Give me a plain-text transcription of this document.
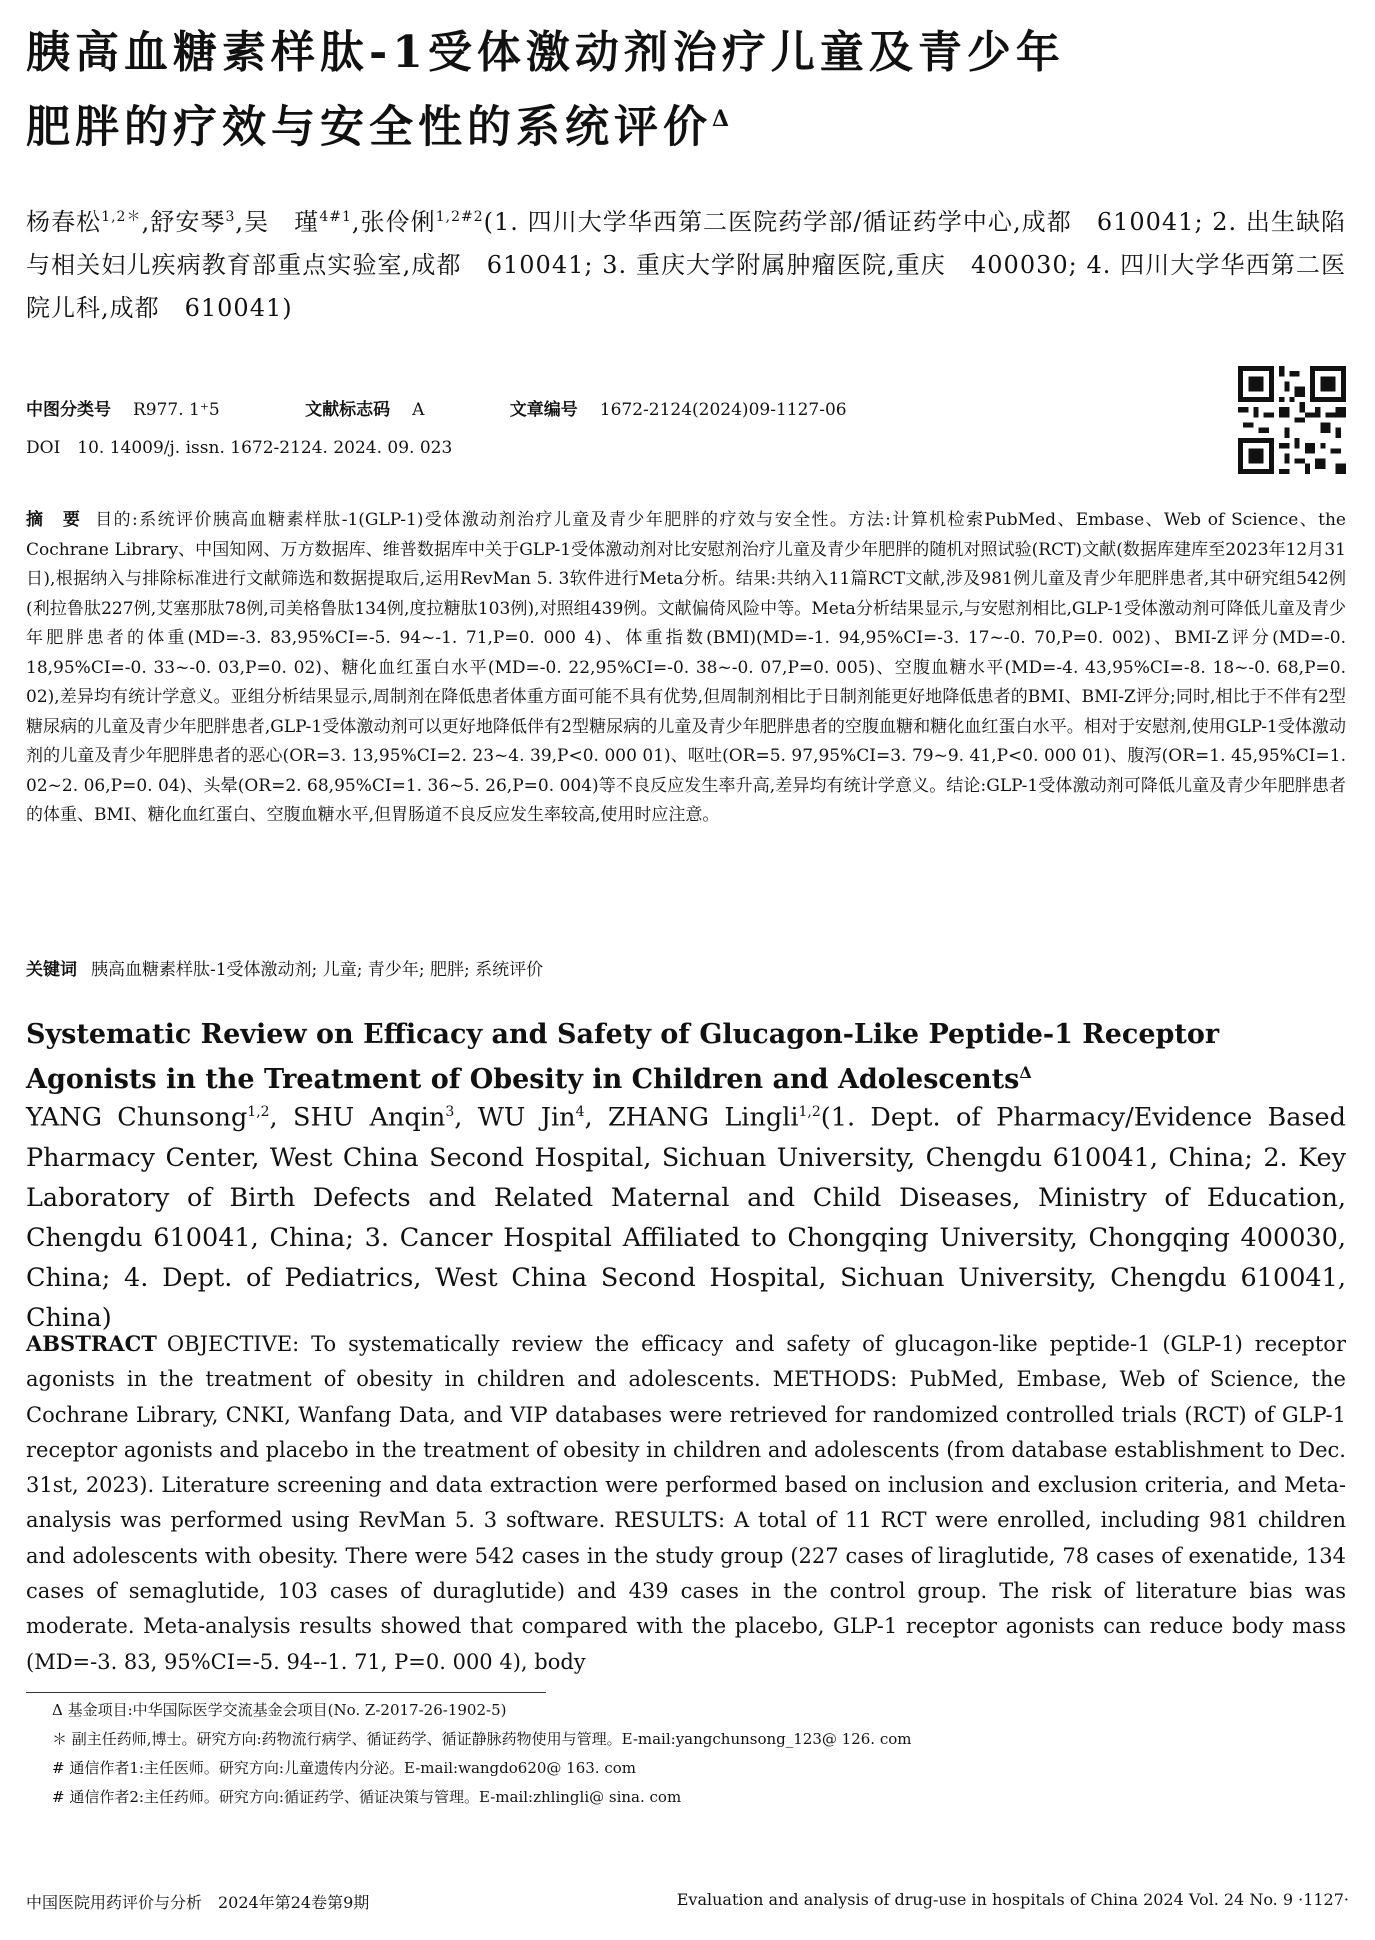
胰高血糖素样肽-1受体激动剂治疗儿童及青少年
肥胖的疗效与安全性的系统评价$^\Delta$
杨春松$^{1,2*}$,舒安琴$^3$,吴　瑾$^{4\#1}$,张伶俐$^{1,2\#2}$(1. 四川大学华西第二医院药学部/循证药学中心,成都　610041; 2. 出生缺陷与相关妇儿疾病教育部重点实验室,成都　610041; 3. 重庆大学附属肿瘤医院,重庆　400030; 4. 四川大学华西第二医院儿科,成都　610041)
中图分类号 R977. 1⁺5	文献标志码 A	文章编号 1672-2124(2024)09-1127-06
DOI　10. 14009/j. issn. 1672-2124. 2024. 09. 023
摘　要 目的:系统评价胰高血糖素样肽-1(GLP-1)受体激动剂治疗儿童及青少年肥胖的疗效与安全性。方法:计算机检索PubMed、Embase、Web of Science、the Cochrane Library、中国知网、万方数据库、维普数据库中关于GLP-1受体激动剂对比安慰剂治疗儿童及青少年肥胖的随机对照试验(RCT)文献(数据库建库至2023年12月31日),根据纳入与排除标准进行文献筛选和数据提取后,运用RevMan 5. 3软件进行Meta分析。结果:共纳入11篇RCT文献,涉及981例儿童及青少年肥胖患者,其中研究组542例(利拉鲁肽227例,艾塞那肽78例,司美格鲁肽134例,度拉糖肽103例),对照组439例。文献偏倚风险中等。Meta分析结果显示,与安慰剂相比,GLP-1受体激动剂可降低儿童及青少年肥胖患者的体重(MD=-3. 83,95%CI=-5. 94~-1. 71,P=0. 000 4)、体重指数(BMI)(MD=-1. 94,95%CI=-3. 17~-0. 70,P=0. 002)、BMI-Z评分(MD=-0. 18,95%CI=-0. 33~-0. 03,P=0. 02)、糖化血红蛋白水平(MD=-0. 22,95%CI=-0. 38~-0. 07,P=0. 005)、空腹血糖水平(MD=-4. 43,95%CI=-8. 18~-0. 68,P=0. 02),差异均有统计学意义。亚组分析结果显示,周制剂在降低患者体重方面可能不具有优势,但周制剂相比于日制剂能更好地降低患者的BMI、BMI-Z评分;同时,相比于不伴有2型糖尿病的儿童及青少年肥胖患者,GLP-1受体激动剂可以更好地降低伴有2型糖尿病的儿童及青少年肥胖患者的空腹血糖和糖化血红蛋白水平。相对于安慰剂,使用GLP-1受体激动剂的儿童及青少年肥胖患者的恶心(OR=3. 13,95%CI=2. 23~4. 39,P<0. 000 01)、呕吐(OR=5. 97,95%CI=3. 79~9. 41,P<0. 000 01)、腹泻(OR=1. 45,95%CI=1. 02~2. 06,P=0. 04)、头晕(OR=2. 68,95%CI=1. 36~5. 26,P=0. 004)等不良反应发生率升高,差异均有统计学意义。结论:GLP-1受体激动剂可降低儿童及青少年肥胖患者的体重、BMI、糖化血红蛋白、空腹血糖水平,但胃肠道不良反应发生率较高,使用时应注意。
关键词 胰高血糖素样肽-1受体激动剂; 儿童; 青少年; 肥胖; 系统评价
Systematic Review on Efficacy and Safety of Glucagon-Like Peptide-1 Receptor Agonists in the Treatment of Obesity in Children and Adolescents$^\Delta$
YANG Chunsong$^{1,2}$, SHU Anqin$^3$, WU Jin$^4$, ZHANG Lingli$^{1,2}$(1. Dept. of Pharmacy/Evidence Based Pharmacy Center, West China Second Hospital, Sichuan University, Chengdu 610041, China; 2. Key Laboratory of Birth Defects and Related Maternal and Child Diseases, Ministry of Education, Chengdu 610041, China; 3. Cancer Hospital Affiliated to Chongqing University, Chongqing 400030, China; 4. Dept. of Pediatrics, West China Second Hospital, Sichuan University, Chengdu 610041, China)
ABSTRACT OBJECTIVE: To systematically review the efficacy and safety of glucagon-like peptide-1 (GLP-1) receptor agonists in the treatment of obesity in children and adolescents. METHODS: PubMed, Embase, Web of Science, the Cochrane Library, CNKI, Wanfang Data, and VIP databases were retrieved for randomized controlled trials (RCT) of GLP-1 receptor agonists and placebo in the treatment of obesity in children and adolescents (from database establishment to Dec. 31st, 2023). Literature screening and data extraction were performed based on inclusion and exclusion criteria, and Meta-analysis was performed using RevMan 5. 3 software. RESULTS: A total of 11 RCT were enrolled, including 981 children and adolescents with obesity. There were 542 cases in the study group (227 cases of liraglutide, 78 cases of exenatide, 134 cases of semaglutide, 103 cases of duraglutide) and 439 cases in the control group. The risk of literature bias was moderate. Meta-analysis results showed that compared with the placebo, GLP-1 receptor agonists can reduce body mass (MD=-3. 83, 95%CI=-5. 94--1. 71, P=0. 000 4), body
Δ 基金项目:中华国际医学交流基金会项目(No. Z-2017-26-1902-5)
＊ 副主任药师,博士。研究方向:药物流行病学、循证药学、循证静脉药物使用与管理。E-mail:yangchunsong_123@ 126. com
# 通信作者1:主任医师。研究方向:儿童遗传内分泌。E-mail:wangdo620@ 163. com
# 通信作者2:主任药师。研究方向:循证药学、循证决策与管理。E-mail:zhlingli@ sina. com
中国医院用药评价与分析　2024年第24卷第9期	Evaluation and analysis of drug-use in hospitals of China 2024 Vol. 24 No. 9 ·1127·
